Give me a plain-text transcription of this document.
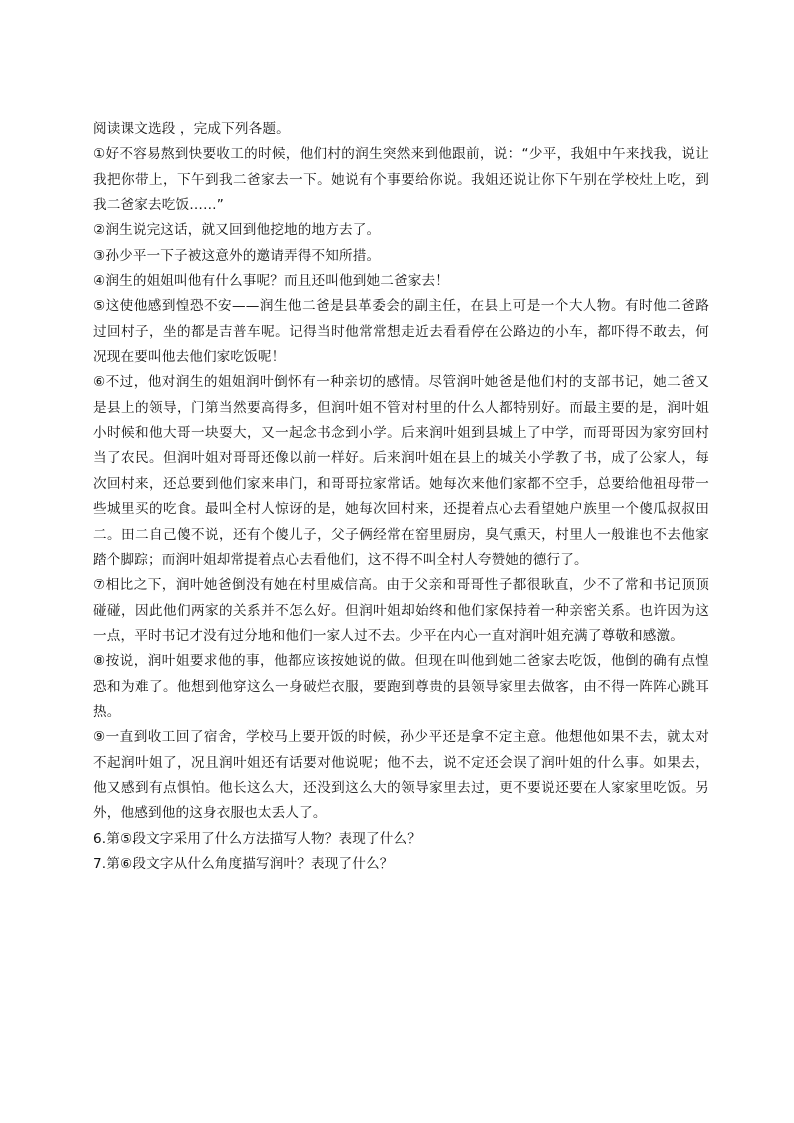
阅读课文选段 ，完成下列各题。

①好不容易熬到快要收工的时候，他们村的润生突然来到他跟前，说：“少平，我姐中午来找我，说让我把你带上，下午到我二爸家去一下。她说有个事要给你说。我姐还说让你下午别在学校灶上吃，到我二爸家去吃饭……”

②润生说完这话，就又回到他挖地的地方去了。

③孙少平一下子被这意外的邀请弄得不知所措。

④润生的姐姐叫他有什么事呢？而且还叫他到她二爸家去！

⑤这使他感到惶恐不安——润生他二爸是县革委会的副主任，在县上可是一个大人物。有时他二爸路过回村子，坐的都是吉普车呢。记得当时他常常想走近去看看停在公路边的小车，都吓得不敢去，何况现在要叫他去他们家吃饭呢！

⑥不过，他对润生的姐姐润叶倒怀有一种亲切的感情。尽管润叶她爸是他们村的支部书记，她二爸又是县上的领导，门第当然要高得多，但润叶姐不管对村里的什么人都特别好。而最主要的是，润叶姐小时候和他大哥一块耍大，又一起念书念到小学。后来润叶姐到县城上了中学，而哥哥因为家穷回村当了农民。但润叶姐对哥哥还像以前一样好。后来润叶姐在县上的城关小学教了书，成了公家人，每次回村来，还总要到他们家来串门，和哥哥拉家常话。她每次来他们家都不空手，总要给他祖母带一些城里买的吃食。最叫全村人惊讶的是，她每次回村来，还提着点心去看望她户族里一个傻瓜叔叔田二。田二自己傻不说，还有个傻儿子，父子俩经常在窑里厨房，臭气熏天，村里人一般谁也不去他家踏个脚踪；而润叶姐却常提着点心去看他们，这不得不叫全村人夸赞她的德行了。

⑦相比之下，润叶她爸倒没有她在村里威信高。由于父亲和哥哥性子都很耿直，少不了常和书记顶顶碰碰，因此他们两家的关系并不怎么好。但润叶姐却始终和他们家保持着一种亲密关系。也许因为这一点，平时书记才没有过分地和他们一家人过不去。少平在内心一直对润叶姐充满了尊敬和感激。

⑧按说，润叶姐要求他的事，他都应该按她说的做。但现在叫他到她二爸家去吃饭，他倒的确有点惶恐和为难了。他想到他穿这么一身破烂衣服，要跑到尊贵的县领导家里去做客，由不得一阵阵心跳耳热。

⑨一直到收工回了宿舍，学校马上要开饭的时候，孙少平还是拿不定主意。他想他如果不去，就太对不起润叶姐了，况且润叶姐还有话要对他说呢；他不去，说不定还会误了润叶姐的什么事。如果去，他又感到有点惧怕。他长这么大，还没到这么大的领导家里去过，更不要说还要在人家家里吃饭。另外，他感到他的这身衣服也太丢人了。

6.第⑤段文字采用了什么方法描写人物？表现了什么？

7.第⑥段文字从什么角度描写润叶？表现了什么？
